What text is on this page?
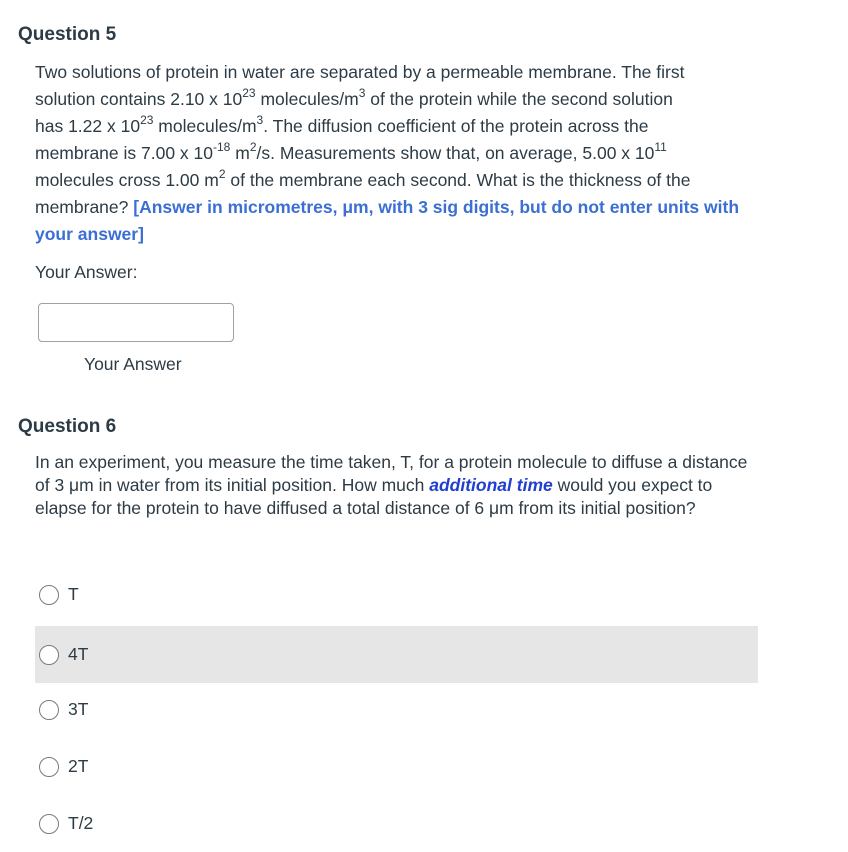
Question 5
Two solutions of protein in water are separated by a permeable membrane. The first
solution contains 2.10 x $10^{23}$ molecules/$m^3$ of the protein while the second solution
has 1.22 x $10^{23}$ molecules/$m^3$. The diffusion coefficient of the protein across the
membrane is 7.00 x $10^{-18}$ $m^2/s$. Measurements show that, on average, 5.00 x $10^{11}$
molecules cross 1.00 $m^2$ of the membrane each second. What is the thickness of the
membrane? [Answer in micrometres, μm, with 3 sig digits, but do not enter units with your answer]
Your Answer:
Your Answer
Question 6
In an experiment, you measure the time taken, T, for a protein molecule to diffuse a distance of 3 μm in water from its initial position. How much additional time would you expect to elapse for the protein to have diffused a total distance of 6 μm from its initial position?
T
4T
3T
2T
T/2
